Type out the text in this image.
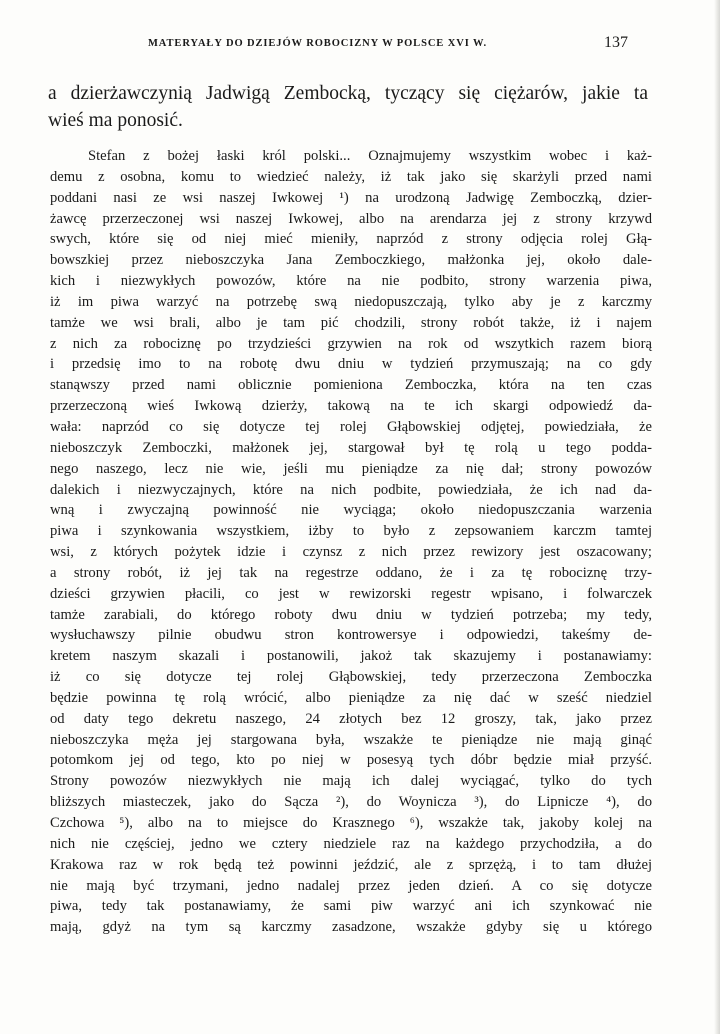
MATERYAŁY DO DZIEJÓW ROBOCIZNY W POLSCE XVI W.	137
a dzierżawczynią Jadwigą Zembocką, tyczący się ciężarów, jakie ta
wieś ma ponosić.
Stefan z bożej łaski król polski... Oznajmujemy wszystkim wobec i każ-
demu z osobna, komu to wiedzieć należy, iż tak jako się skarżyli przed nami
poddani nasi ze wsi naszej Iwkowej ¹) na urodzoną Jadwigę Zemboczką, dzier-
żawcę przerzeczonej wsi naszej Iwkowej, albo na arendarza jej z strony krzywd
swych, które się od niej mieć mieniły, naprzód z strony odjęcia rolej Głą-
bowszkiej przez nieboszczyka Jana Zemboczkiego, małżonka jej, około dale-
kich i niezwykłych powozów, które na nie podbito, strony warzenia piwa,
iż im piwa warzyć na potrzebę swą niedopuszczają, tylko aby je z karczmy
tamże we wsi brali, albo je tam pić chodzili, strony robót także, iż i najem
z nich za robociznę po trzydzieści grzywien na rok od wszytkich razem biorą
i przedsię imo to na robotę dwu dniu w tydzień przymuszają; na co gdy
stanąwszy przed nami oblicznie pomieniona Zemboczka, która na ten czas
przerzeczoną wieś Iwkową dzierży, takową na te ich skargi odpowiedź da-
wała: naprzód co się dotycze tej rolej Głąbowskiej odjętej, powiedziała, że
nieboszczyk Zemboczki, małżonek jej, stargował był tę rolą u tego podda-
nego naszego, lecz nie wie, jeśli mu pieniądze za nię dał; strony powozów
dalekich i niezwyczajnych, które na nich podbite, powiedziała, że ich nad da-
wną i zwyczajną powinność nie wyciąga; około niedopuszczania warzenia
piwa i szynkowania wszystkiem, iżby to było z zepsowaniem karczm tamtej
wsi, z których pożytek idzie i czynsz z nich przez rewizory jest oszacowany;
a strony robót, iż jej tak na regestrze oddano, że i za tę robociznę trzy-
dzieści grzywien płacili, co jest w rewizorski regestr wpisano, i folwarczek
tamże zarabiali, do którego roboty dwu dniu w tydzień potrzeba; my tedy,
wysłuchawszy pilnie obudwu stron kontrowersye i odpowiedzi, takeśmy de-
kretem naszym skazali i postanowili, jakoż tak skazujemy i postanawiamy:
iż co się dotycze tej rolej Głąbowskiej, tedy przerzeczona Zemboczka
będzie powinna tę rolą wrócić, albo pieniądze za nię dać w sześć niedziel
od daty tego dekretu naszego, 24 złotych bez 12 groszy, tak, jako przez
nieboszczyka męża jej stargowana była, wszakże te pieniądze nie mają ginąć
potomkom jej od tego, kto po niej w posesyą tych dóbr będzie miał przyść.
Strony powozów niezwykłych nie mają ich dalej wyciągać, tylko do tych
bliższych miasteczek, jako do Sącza ²), do Woynicza ³), do Lipnicze ⁴), do
Czchowa ⁵), albo na to miejsce do Krasznego ⁶), wszakże tak, jakoby kolej na
nich nie częściej, jedno we cztery niedziele raz na każdego przychodziła, a do
Krakowa raz w rok będą też powinni jeździć, ale z sprzężą, i to tam dłużej
nie mają być trzymani, jedno nadalej przez jeden dzień. A co się dotycze
piwa, tedy tak postanawiamy, że sami piw warzyć ani ich szynkować nie
mają, gdyż na tym są karczmy zasadzone, wszakże gdyby się u którego
